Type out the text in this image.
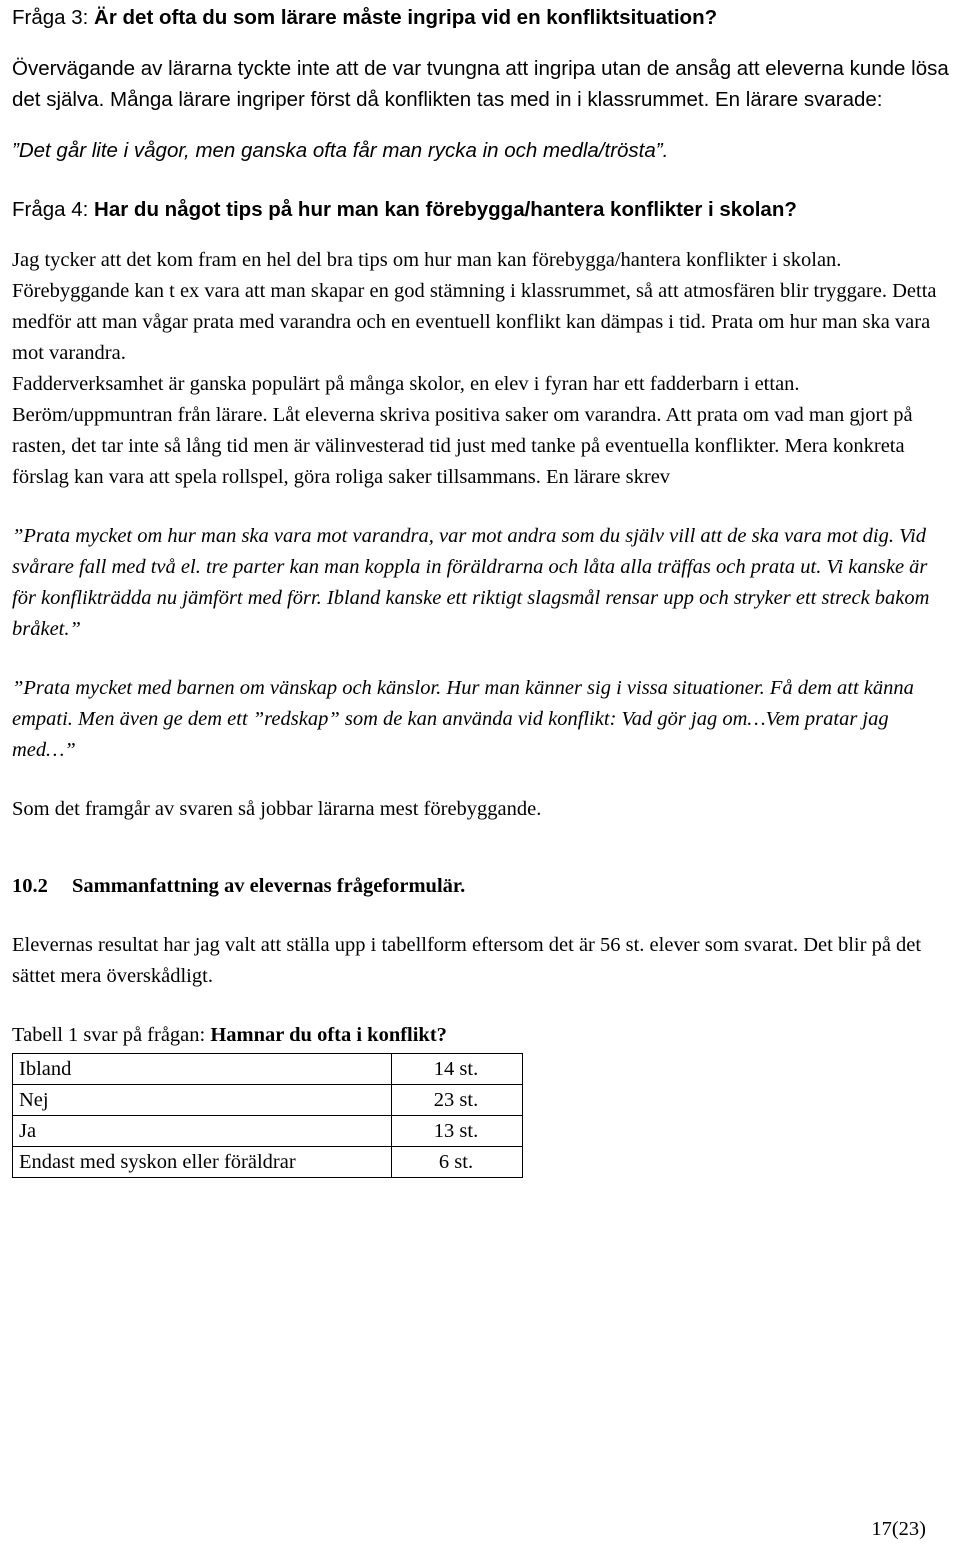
Fråga 3: Är det ofta du som lärare måste ingripa vid en konfliktsituation?

Övervägande av lärarna tyckte inte att de var tvungna att ingripa utan de ansåg att eleverna kunde lösa det själva. Många lärare ingriper först då konflikten tas med in i klassrummet. En lärare svarade:

”Det går lite i vågor, men ganska ofta får man rycka in och medla/trösta”.

Fråga 4: Har du något tips på hur man kan förebygga/hantera konflikter i skolan?

Jag tycker att det kom fram en hel del bra tips om hur man kan förebygga/hantera konflikter i skolan. Förebyggande kan t ex vara att man skapar en god stämning i klassrummet, så att atmosfären blir tryggare. Detta medför att man vågar prata med varandra och en eventuell konflikt kan dämpas i tid. Prata om hur man ska vara mot varandra.

Fadderverksamhet är ganska populärt på många skolor, en elev i fyran har ett fadderbarn i ettan. Beröm/uppmuntran från lärare. Låt eleverna skriva positiva saker om varandra. Att prata om vad man gjort på rasten, det tar inte så lång tid men är välinvesterad tid just med tanke på eventuella konflikter. Mera konkreta förslag kan vara att spela rollspel, göra roliga saker tillsammans. En lärare skrev

”Prata mycket om hur man ska vara mot varandra, var mot andra som du själv vill att de ska vara mot dig. Vid svårare fall med två el. tre parter kan man koppla in föräldrarna och låta alla träffas och prata ut. Vi kanske är för konflikträdda nu jämfört med förr. Ibland kanske ett riktigt slagsmål rensar upp och stryker ett streck bakom bråket.”

”Prata mycket med barnen om vänskap och känslor. Hur man känner sig i vissa situationer. Få dem att känna empati. Men även ge dem ett ”redskap” som de kan använda vid konflikt: Vad gör jag om…Vem pratar jag med…”

Som det framgår av svaren så jobbar lärarna mest förebyggande.

10.2 Sammanfattning av elevernas frågeformulär.

Elevernas resultat har jag valt att ställa upp i tabellform eftersom det är 56 st. elever som svarat. Det blir på det sättet mera överskådligt.

Tabell 1 svar på frågan: Hamnar du ofta i konflikt?

Ibland	14 st.
Nej	23 st.
Ja	13 st.
Endast med syskon eller föräldrar	6 st.
17(23)
